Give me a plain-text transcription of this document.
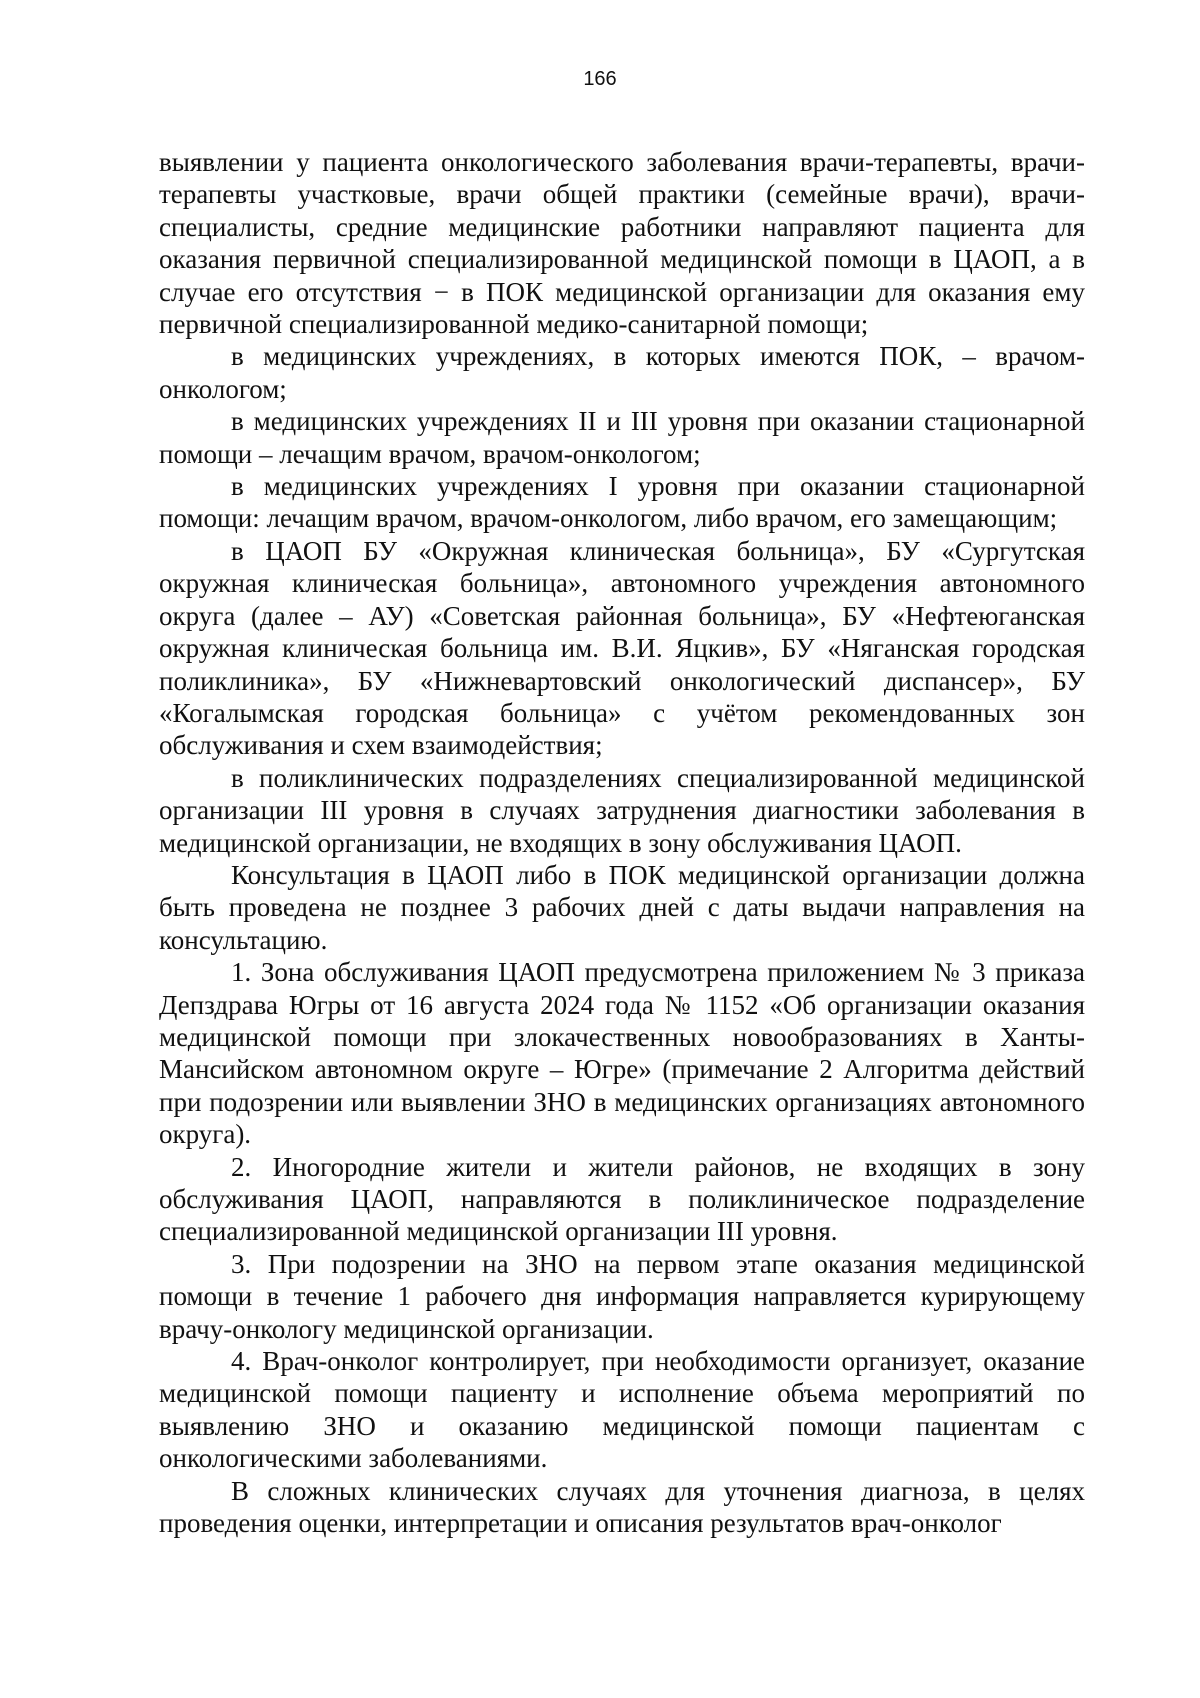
166

выявлении у пациента онкологического заболевания врачи-терапевты, врачи-терапевты участковые, врачи общей практики (семейные врачи), врачи-специалисты, средние медицинские работники направляют пациента для оказания первичной специализированной медицинской помощи в ЦАОП, а в случае его отсутствия − в ПОК медицинской организации для оказания ему первичной специализированной медико-санитарной помощи;

в медицинских учреждениях, в которых имеются ПОК, – врачом-онкологом;

в медицинских учреждениях II и III уровня при оказании стационарной помощи – лечащим врачом, врачом-онкологом;

в медицинских учреждениях I уровня при оказании стационарной помощи: лечащим врачом, врачом-онкологом, либо врачом, его замещающим;

в ЦАОП БУ «Окружная клиническая больница», БУ «Сургутская окружная клиническая больница», автономного учреждения автономного округа (далее – АУ) «Советская районная больница», БУ «Нефтеюганская окружная клиническая больница им. В.И. Яцкив», БУ «Няганская городская поликлиника», БУ «Нижневартовский онкологический диспансер», БУ «Когалымская городская больница» с учётом рекомендованных зон обслуживания и схем взаимодействия;

в поликлинических подразделениях специализированной медицинской организации III уровня в случаях затруднения диагностики заболевания в медицинской организации, не входящих в зону обслуживания ЦАОП.

Консультация в ЦАОП либо в ПОК медицинской организации должна быть проведена не позднее 3 рабочих дней с даты выдачи направления на консультацию.

1. Зона обслуживания ЦАОП предусмотрена приложением № 3 приказа Депздрава Югры от 16 августа 2024 года № 1152 «Об организации оказания медицинской помощи при злокачественных новообразованиях в Ханты-Мансийском автономном округе – Югре» (примечание 2 Алгоритма действий при подозрении или выявлении ЗНО в медицинских организациях автономного округа).

2. Иногородние жители и жители районов, не входящих в зону обслуживания ЦАОП, направляются в поликлиническое подразделение специализированной медицинской организации III уровня.

3. При подозрении на ЗНО на первом этапе оказания медицинской помощи в течение 1 рабочего дня информация направляется курирующему врачу-онкологу медицинской организации.

4. Врач-онколог контролирует, при необходимости организует, оказание медицинской помощи пациенту и исполнение объема мероприятий по выявлению ЗНО и оказанию медицинской помощи пациентам с онкологическими заболеваниями.

В сложных клинических случаях для уточнения диагноза, в целях проведения оценки, интерпретации и описания результатов врач-онколог
